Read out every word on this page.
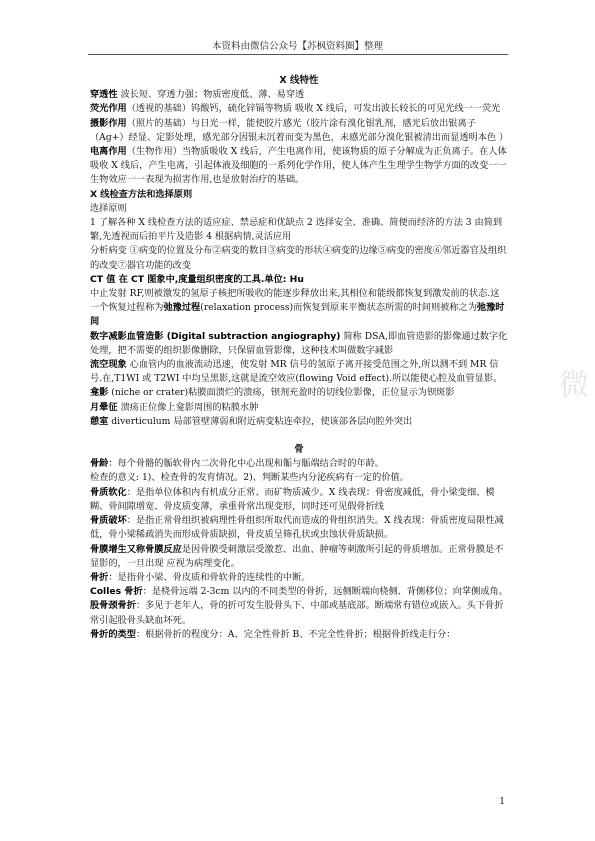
本资料由微信公众号【苏枫资料圈】整理
微

X 线特性

穿透性 波长短、穿透力强；物质密度低、薄、易穿透

荧光作用（透视的基础）钨酸钙，硫化锌镉等物质 吸收 X 线后，可发出波长较长的可见光线一一荧光

摄影作用（照片的基础）与日光一样，能使胶片感光（胶片涂有溴化银乳剂，感光后放出银离子（Ag+）经显、定影处理，感光部分因银未沉着而变为黑色，未感光部分溴化银被清出而显透明本色 ）

电离作用（生物作用）当物质吸收 X 线后，产生电离作用，使该物质的原子分解成为正负离子。在人体吸收 X 线后，产生电离，引起体液及细胞的一系列化学作用，使人体产生生理学生物学方面的改变一一生物效应一一表现为损害作用,也是放射治疗的基础。

X 线检查方法和选择原则

选择原则

1 了解各种 X 线检查方法的适应症、禁忌症和优缺点 2 选择安全、准确、简便而经济的方法 3 由简到繁,先透视而后拍平片及造影 4 根据病情,灵活应用

分析病变 ①病变的位置及分布②病变的数目③病变的形状④病变的边缘⑤病变的密度⑥邻近器官及组织的改变⑦器官功能的改变

CT 值 在 CT 图象中,度量组织密度的工具.单位: Hu

中止发射 RF,则被激发的氢原子核把所吸收的能逐步释放出来,其相位和能级都恢复到激发前的状态.这一个恢复过程称为弛豫过程(relaxation process)而恢复到原来平衡状态所需的时间则被称之为弛豫时间

数字减影血管造影 (Digital subtraction angiography) 简称 DSA,即血管造影的影像通过数字化处理，把不需要的组织影像删除，只保留血管影像，这种技术叫做数字减影

流空现象 心血管内的血液流动迅速，使发射 MR 信号的氢原子离开接受范围之外,所以测不到 MR 信号.在,T1WI 或 T2WI 中均呈黑影,这就是流空效应(flowing Void effect).所以能使心腔及血管显影。

龛影 (niche or crater)粘膜面溃烂的溃疡，钡剂充盈时的切线位影像，正位显示为钡斑影

月晕征 溃疡正位像上龛影周围的粘膜水肿

憩室 diverticulum 局部管壁薄弱和附近病变粘连牵拉，使该部各层向腔外突出

骨

骨龄：每个骨骼的骺软骨内二次骨化中心出现和骺与骺端结合时的年龄。

检查的意义: 1)、检查骨的发育情况。2)、判断某些内分泌疾病有一定的价值。

骨质软化：是指单位体积内有机成分正常、而矿物质减少。X 线表现：骨密度减低，骨小梁变细、模糊、骨间隙增宽、骨皮质变薄，承重骨常出现变形，同时还可见假骨折线

骨质破坏：是指正常骨组织被病理性骨组织所取代而造成的骨组织消失。X 线表现：骨质密度局限性减低，骨小梁稀疏消失而形成骨质缺损，骨皮质呈筛孔状或虫蚀状骨质缺损。

骨膜增生又称骨膜反应是因骨膜受刺激层受激惹、出血、肿瘤等刺激所引起的骨质增加。正常骨膜是不显影的，一旦出现 应视为病理变化。

骨折：是指骨小梁、骨皮质和骨软骨的连续性的中断。

Colles 骨折：是桡骨远端 2-3cm 以内的不同类型的骨折，远侧断端向桡侧、背侧移位；向掌侧成角。

股骨颈骨折：多见于老年人，骨的折可发生股骨头下、中部或基底部。断端常有错位或嵌入。头下骨折常引起股骨头缺血坏死。

骨折的类型：根据骨折的程度分：A、完全性骨折 B、不完全性骨折；根据骨折线走行分：

1
